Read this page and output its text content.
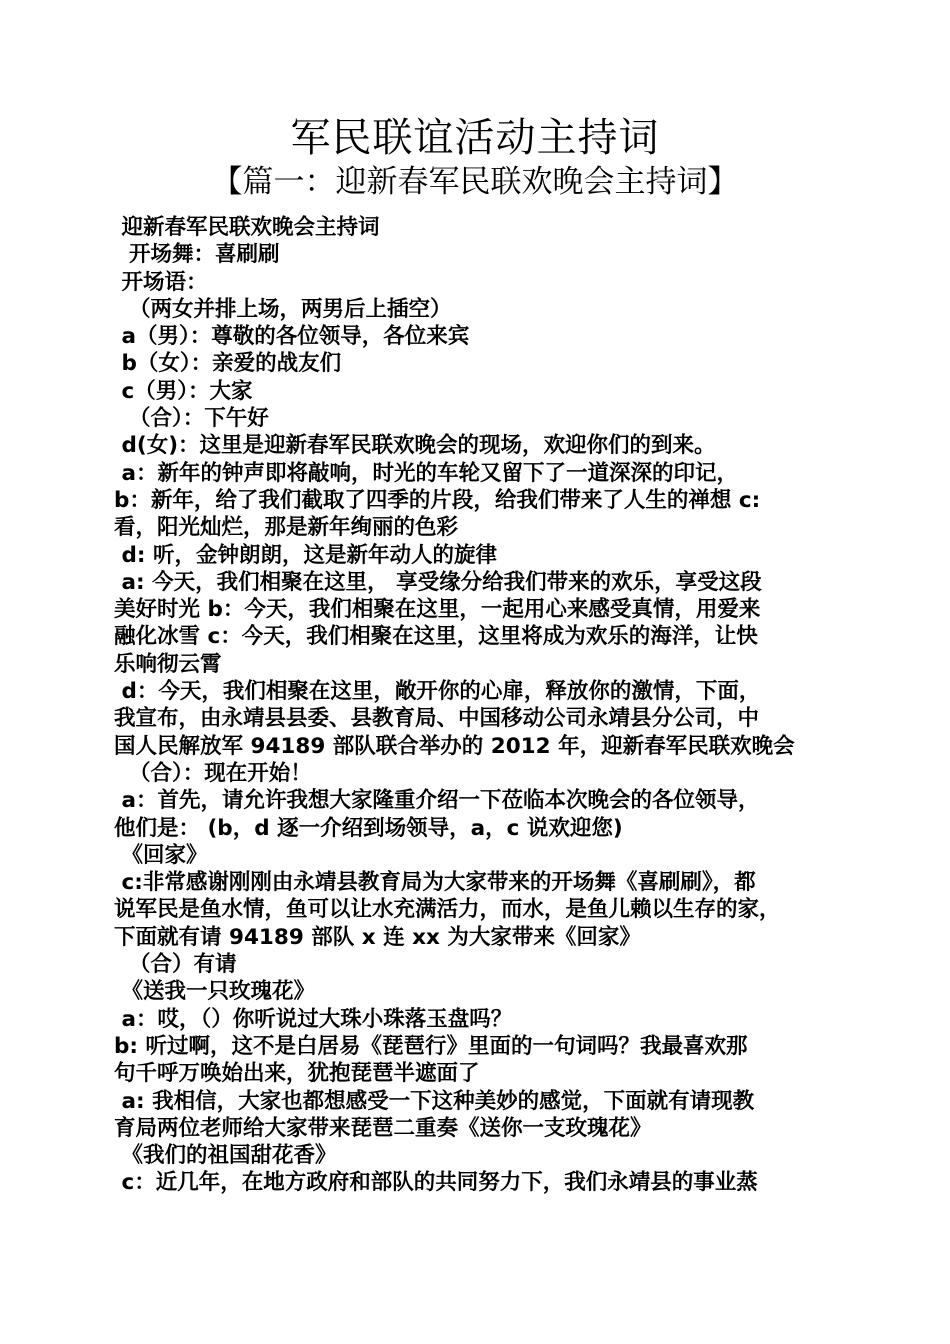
军民联谊活动主持词
【篇一：迎新春军民联欢晚会主持词】
迎新春军民联欢晚会主持词
开场舞：喜刷刷
开场语：
（两女并排上场，两男后上插空）
a（男）：尊敬的各位领导，各位来宾
b（女）：亲爱的战友们
c（男）：大家
（合）：下午好
d(女)：这里是迎新春军民联欢晚会的现场，欢迎你们的到来。
a：新年的钟声即将敲响，时光的车轮又留下了一道深深的印记，
b：新年，给了我们截取了四季的片段，给我们带来了人生的禅想 c:
看，阳光灿烂，那是新年绚丽的色彩
d: 听，金钟朗朗，这是新年动人的旋律
a: 今天，我们相聚在这里， 享受缘分给我们带来的欢乐，享受这段
美好时光 b：今天，我们相聚在这里，一起用心来感受真情，用爱来
融化冰雪 c：今天，我们相聚在这里，这里将成为欢乐的海洋，让快
乐响彻云霄
d：今天，我们相聚在这里，敞开你的心扉，释放你的激情，下面，
我宣布，由永靖县县委、县教育局、中国移动公司永靖县分公司，中
国人民解放军 94189 部队联合举办的 2012 年，迎新春军民联欢晚会
（合）：现在开始！
a：首先，请允许我想大家隆重介绍一下莅临本次晚会的各位领导，
他们是： (b，d 逐一介绍到场领导，a，c 说欢迎您)
《回家》
c:非常感谢刚刚由永靖县教育局为大家带来的开场舞《喜刷刷》，都
说军民是鱼水情，鱼可以让水充满活力，而水，是鱼儿赖以生存的家，
下面就有请 94189 部队 x 连 xx 为大家带来《回家》
（合）有请
《送我一只玫瑰花》
a：哎，（）你听说过大珠小珠落玉盘吗？
b: 听过啊，这不是白居易《琵琶行》里面的一句词吗？我最喜欢那
句千呼万唤始出来，犹抱琵琶半遮面了
a: 我相信，大家也都想感受一下这种美妙的感觉，下面就有请现教
育局两位老师给大家带来琵琶二重奏《送你一支玫瑰花》
《我们的祖国甜花香》
c：近几年，在地方政府和部队的共同努力下，我们永靖县的事业蒸
